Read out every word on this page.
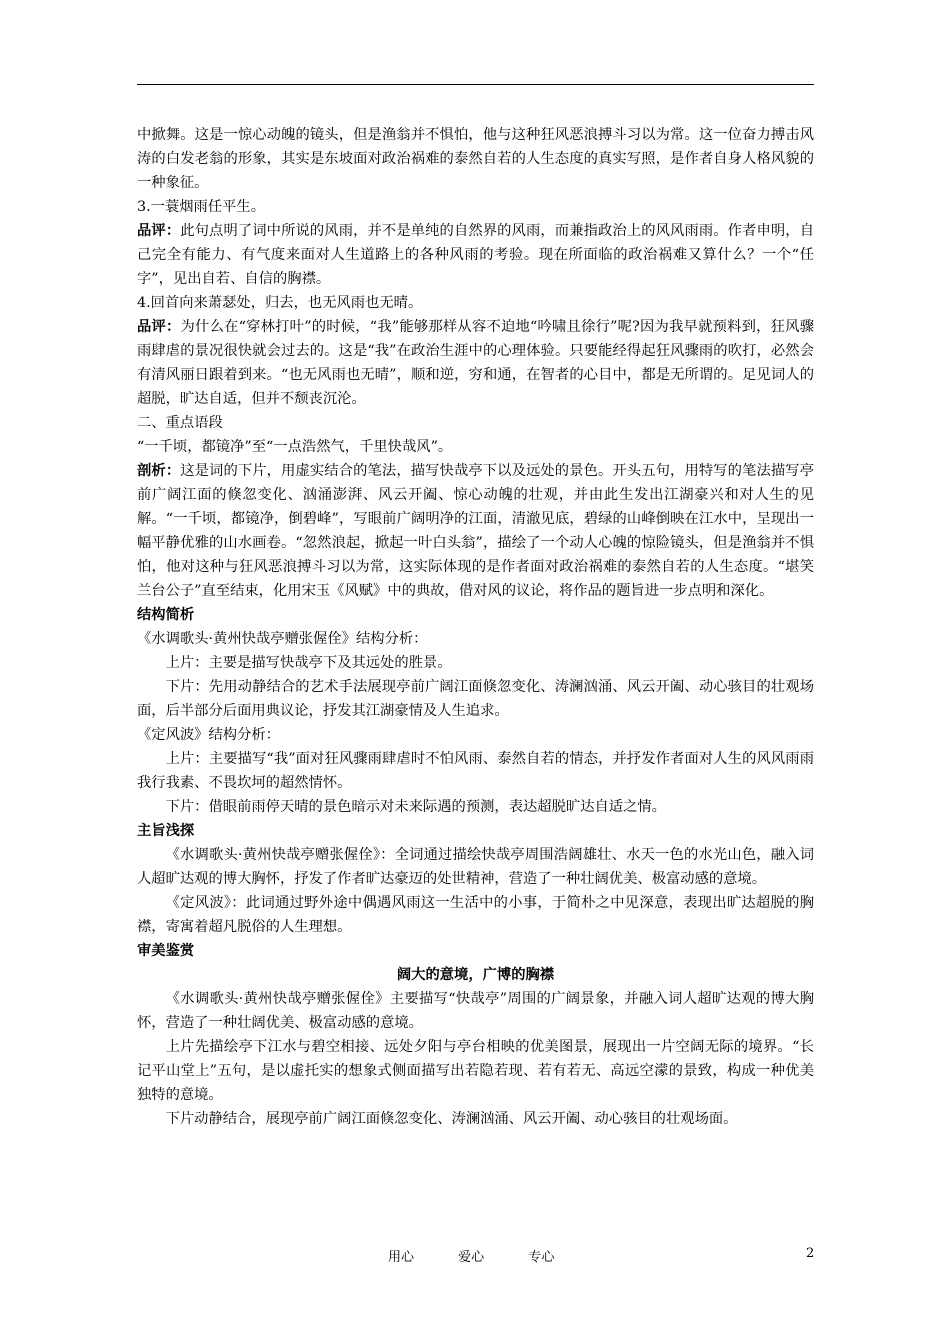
中掀舞。这是一惊心动魄的镜头，但是渔翁并不惧怕，他与这种狂风恶浪搏斗习以为常。这一位奋力搏击风涛的白发老翁的形象，其实是东坡面对政治祸难的泰然自若的人生态度的真实写照，是作者自身人格风貌的一种象征。

3.一蓑烟雨任平生。

品评：此句点明了词中所说的风雨，并不是单纯的自然界的风雨，而兼指政治上的风风雨雨。作者申明，自己完全有能力、有气度来面对人生道路上的各种风雨的考验。现在所面临的政治祸难又算什么？一个“任字”，见出自若、自信的胸襟。

4.回首向来萧瑟处，归去，也无风雨也无晴。

品评：为什么在“穿林打叶”的时候，“我”能够那样从容不迫地“吟啸且徐行”呢?因为我早就预料到，狂风骤雨肆虐的景况很快就会过去的。这是“我”在政治生涯中的心理体验。只要能经得起狂风骤雨的吹打，必然会有清风丽日跟着到来。“也无风雨也无晴”，顺和逆，穷和通，在智者的心目中，都是无所谓的。足见词人的超脱，旷达自适，但并不颓丧沉沦。

二、重点语段

“一千顷，都镜净”至“一点浩然气，千里快哉风”。

剖析：这是词的下片，用虚实结合的笔法，描写快哉亭下以及远处的景色。开头五句，用特写的笔法描写亭前广阔江面的倏忽变化、汹涌澎湃、风云开阖、惊心动魄的壮观，并由此生发出江湖豪兴和对人生的见解。“一千顷，都镜净，倒碧峰”，写眼前广阔明净的江面，清澈见底，碧绿的山峰倒映在江水中，呈现出一幅平静优雅的山水画卷。“忽然浪起，掀起一叶白头翁”，描绘了一个动人心魄的惊险镜头，但是渔翁并不惧怕，他对这种与狂风恶浪搏斗习以为常，这实际体现的是作者面对政治祸难的泰然自若的人生态度。“堪笑兰台公子”直至结束，化用宋玉《风赋》中的典故，借对风的议论，将作品的题旨进一步点明和深化。

结构简析

《水调歌头·黄州快哉亭赠张偓佺》结构分析：

上片：主要是描写快哉亭下及其远处的胜景。

下片：先用动静结合的艺术手法展现亭前广阔江面倏忽变化、涛澜汹涌、风云开阖、动心骇目的壮观场面，后半部分后面用典议论，抒发其江湖豪情及人生追求。

《定风波》结构分析：

上片：主要描写“我”面对狂风骤雨肆虐时不怕风雨、泰然自若的情态，并抒发作者面对人生的风风雨雨我行我素、不畏坎坷的超然情怀。

下片：借眼前雨停天晴的景色暗示对未来际遇的预测，表达超脱旷达自适之情。

主旨浅探

《水调歌头·黄州快哉亭赠张偓佺》：全词通过描绘快哉亭周围浩阔雄壮、水天一色的水光山色，融入词人超旷达观的博大胸怀，抒发了作者旷达豪迈的处世精神，营造了一种壮阔优美、极富动感的意境。

《定风波》：此词通过野外途中偶遇风雨这一生活中的小事，于简朴之中见深意，表现出旷达超脱的胸襟，寄寓着超凡脱俗的人生理想。

审美鉴赏

阔大的意境，广博的胸襟

《水调歌头·黄州快哉亭赠张偓佺》主要描写“快哉亭”周围的广阔景象，并融入词人超旷达观的博大胸怀，营造了一种壮阔优美、极富动感的意境。

上片先描绘亭下江水与碧空相接、远处夕阳与亭台相映的优美图景，展现出一片空阔无际的境界。“长记平山堂上”五句，是以虚托实的想象式侧面描写出若隐若现、若有若无、高远空濛的景致，构成一种优美独特的意境。

下片动静结合，展现亭前广阔江面倏忽变化、涛澜汹涌、风云开阖、动心骇目的壮观场面。

用心	爱心	专心	2
